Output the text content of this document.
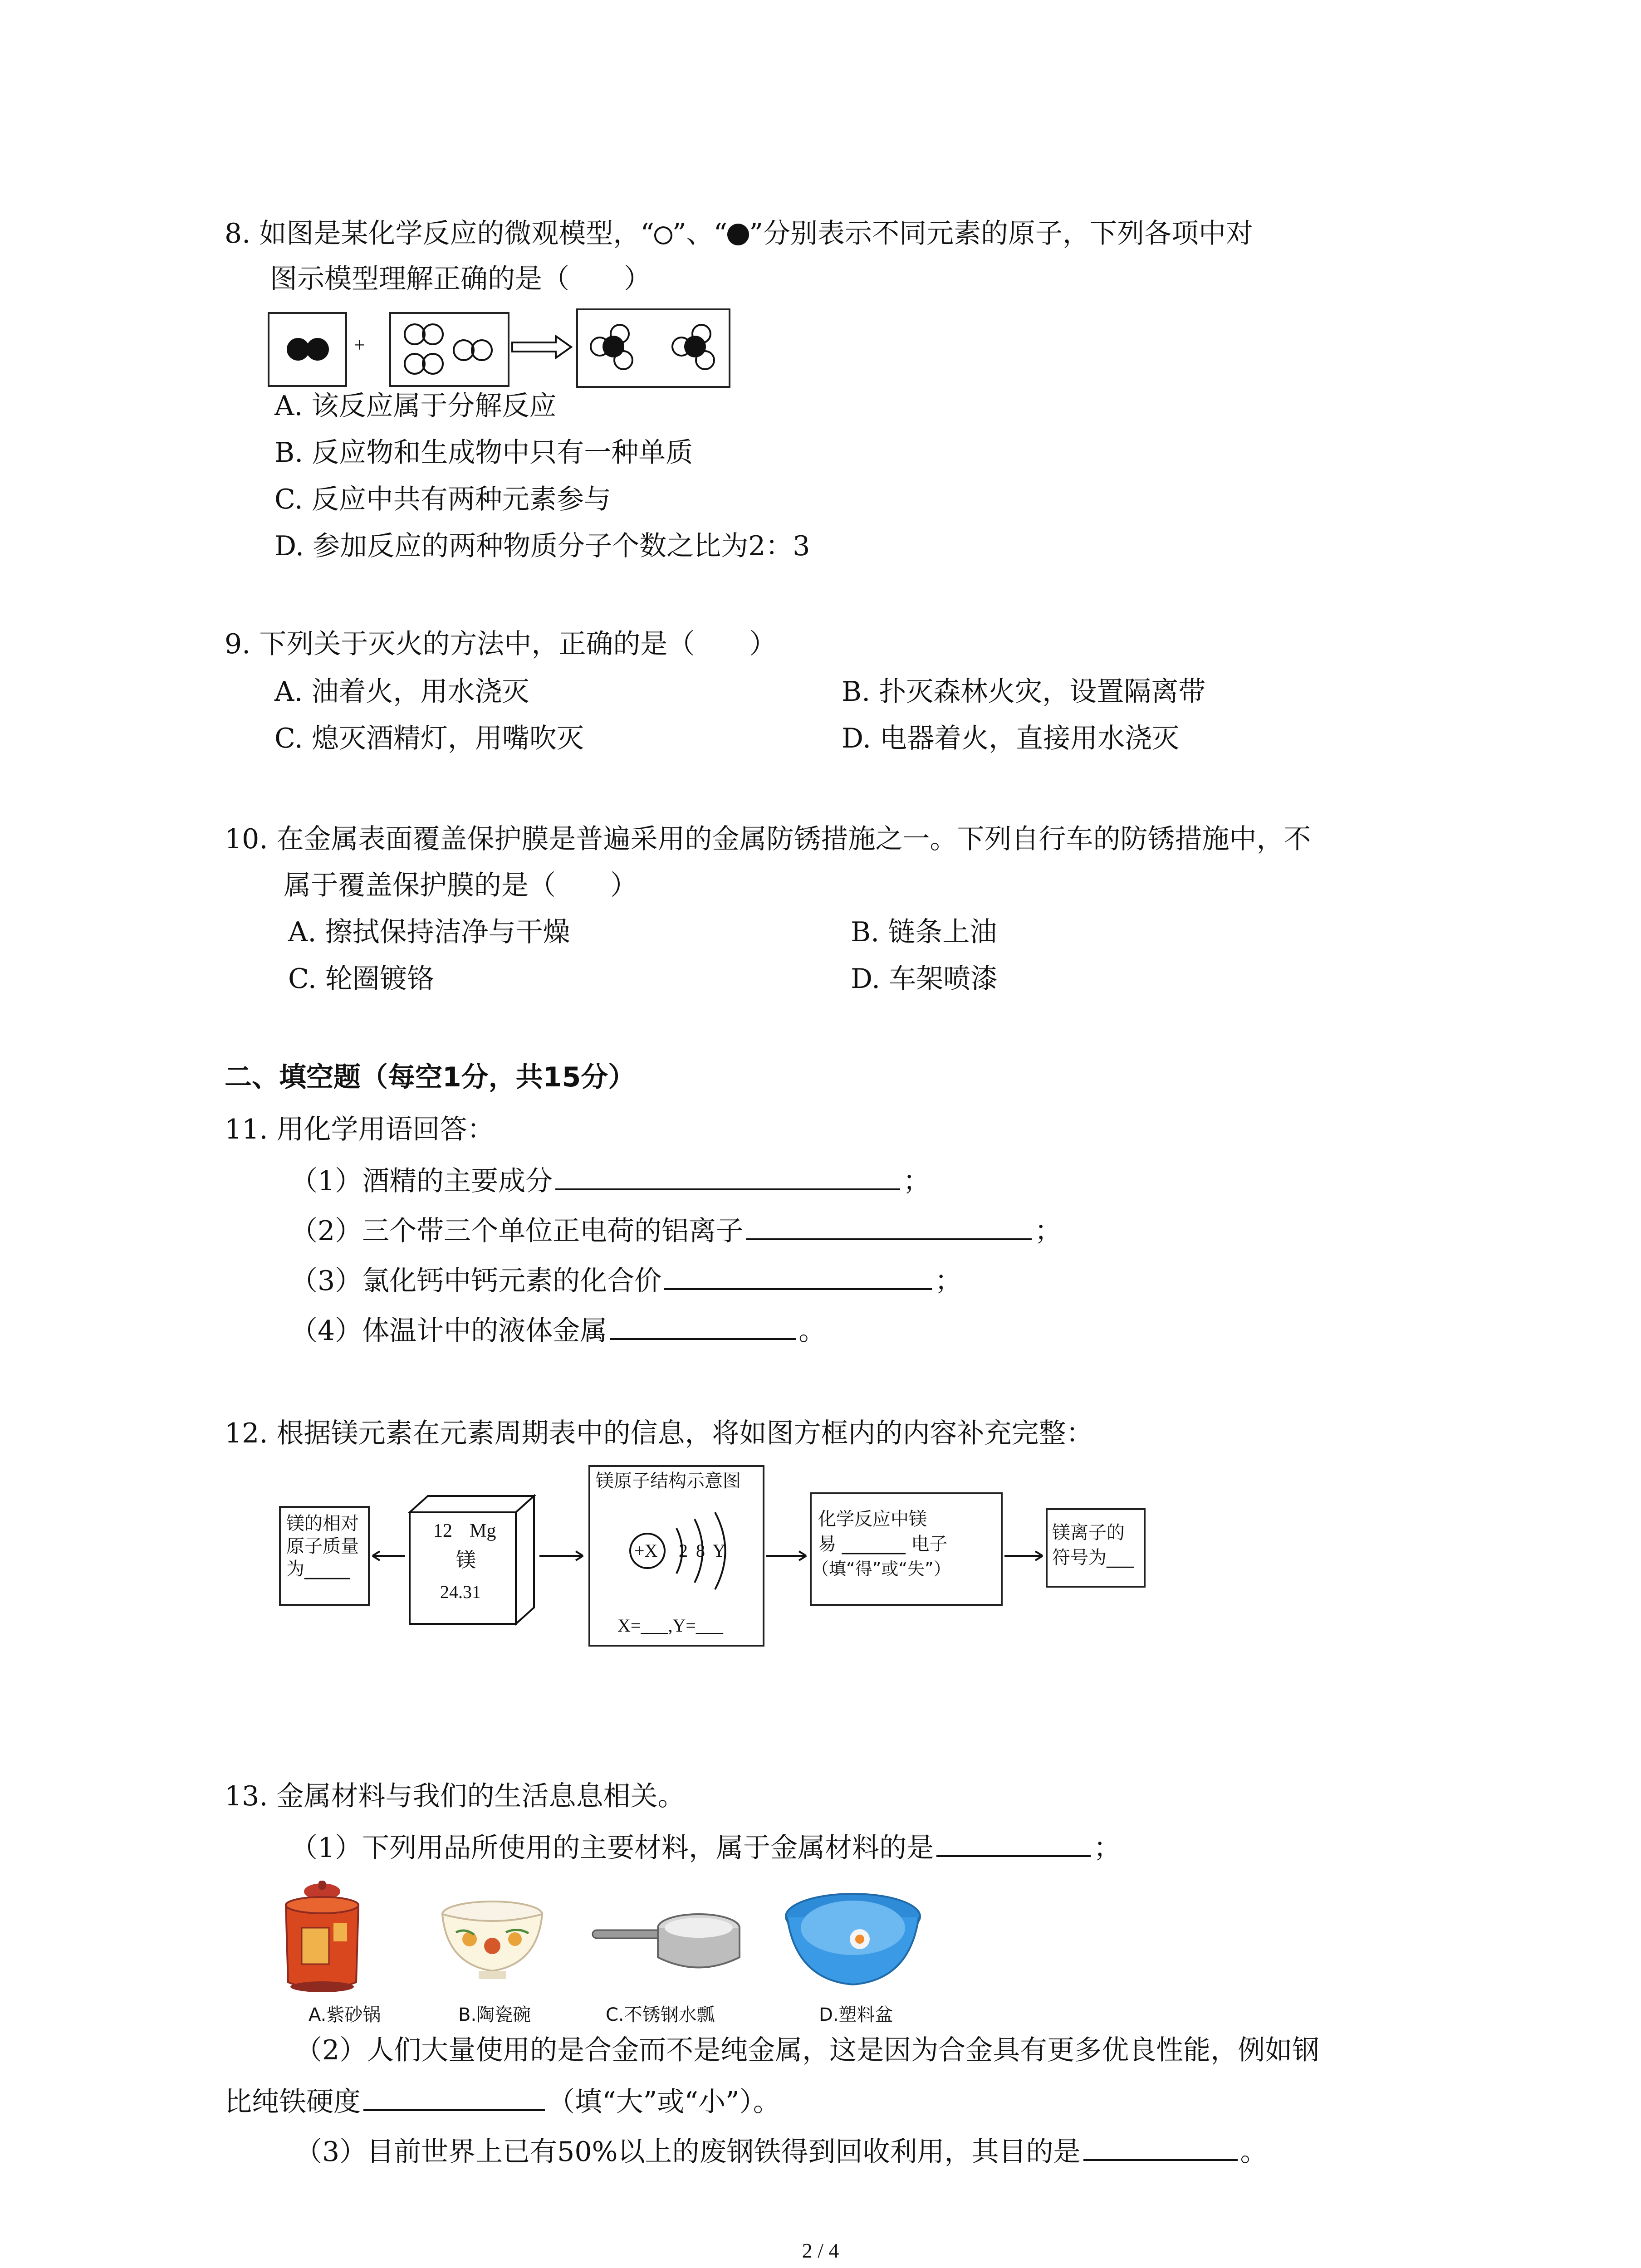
8. 如图是某化学反应的微观模型，“ ”、“ ”分别表示不同元素的原子，下列各项中对
图示模型理解正确的是（　　）
+
A. 该反应属于分解反应
B. 反应物和生成物中只有一种单质
C. 反应中共有两种元素参与
D. 参加反应的两种物质分子个数之比为2：3
9. 下列关于灭火的方法中，正确的是（　　）
A. 油着火，用水浇灭	B. 扑灭森林火灾，设置隔离带
C. 熄灭酒精灯，用嘴吹灭	D. 电器着火，直接用水浇灭
10. 在金属表面覆盖保护膜是普遍采用的金属防锈措施之一。下列自行车的防锈措施中，不
属于覆盖保护膜的是（　　）
A. 擦拭保持洁净与干燥	B. 链条上油
C. 轮圈镀铬	D. 车架喷漆
二、填空题（每空1分，共15分）
11. 用化学用语回答：
（1）酒精的主要成分	；
（2）三个带三个单位正电荷的铝离子	；
（3）氯化钙中钙元素的化合价	；
（4）体温计中的液体金属	。
12. 根据镁元素在元素周期表中的信息，将如图方框内的内容补充完整：
镁的相对
原子质量
为_____
12 Mg
镁
24.31
镁原子结构示意图
+X 2 8 Y
X=___,Y=___
化学反应中镁
易 _______ 电子
（填“得”或“失”）
镁离子的
符号为___
13. 金属材料与我们的生活息息相关。
（1）下列用品所使用的主要材料，属于金属材料的是	；
A.紫砂锅	B.陶瓷碗	C.不锈钢水瓢	D.塑料盆
（2）人们大量使用的是合金而不是纯金属，这是因为合金具有更多优良性能，例如钢
比纯铁硬度	（填“大”或“小”）。
（3）目前世界上已有50%以上的废钢铁得到回收利用，其目的是	。
2 / 4
